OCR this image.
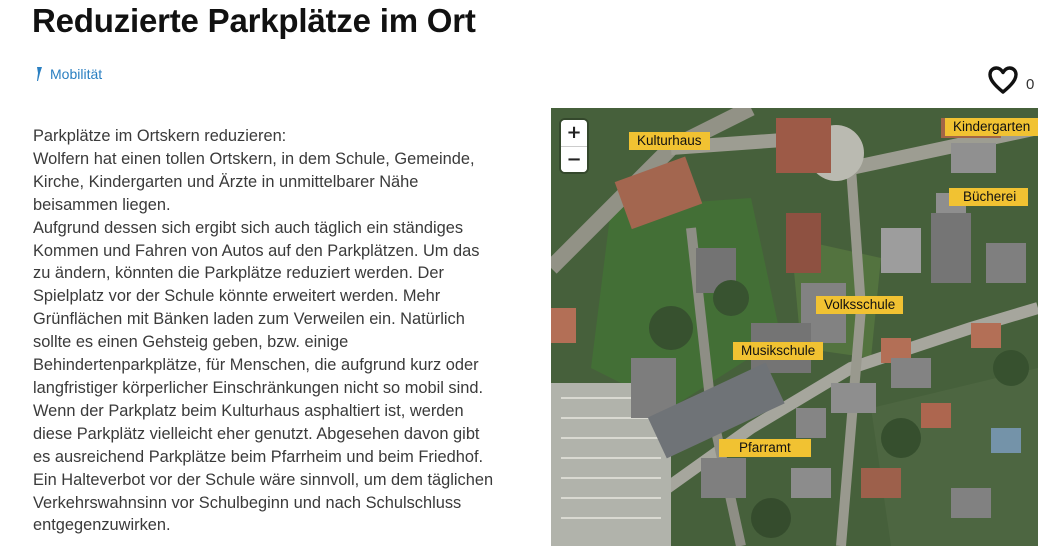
Reduzierte Parkplätze im Ort
Mobilität
0
Parkplätze im Ortskern reduzieren:
Wolfern hat einen tollen Ortskern, in dem Schule, Gemeinde,
Kirche, Kindergarten und Ärzte in unmittelbarer Nähe
beisammen liegen.
Aufgrund dessen sich ergibt sich auch täglich ein ständiges
Kommen und Fahren von Autos auf den Parkplätzen. Um das
zu ändern, könnten die Parkplätze reduziert werden. Der
Spielplatz vor der Schule könnte erweitert werden. Mehr
Grünflächen mit Bänken laden zum Verweilen ein. Natürlich
sollte es einen Gehsteig geben, bzw. einige
Behindertenparkplätze, für Menschen, die aufgrund kurz oder
langfristiger körperlicher Einschränkungen nicht so mobil sind.
Wenn der Parkplatz beim Kulturhaus asphaltiert ist, werden
diese Parkplätz vielleicht eher genutzt. Abgesehen davon gibt
es ausreichend Parkplätze beim Pfarrheim und beim Friedhof.
Ein Halteverbot vor der Schule wäre sinnvoll, um dem täglichen
Verkehrswahnsinn vor Schulbeginn und nach Schulschluss
entgegenzuwirken.
+
−
Kulturhaus
Kindergarten
Bücherei
Volksschule
Musikschule
Pfarramt
